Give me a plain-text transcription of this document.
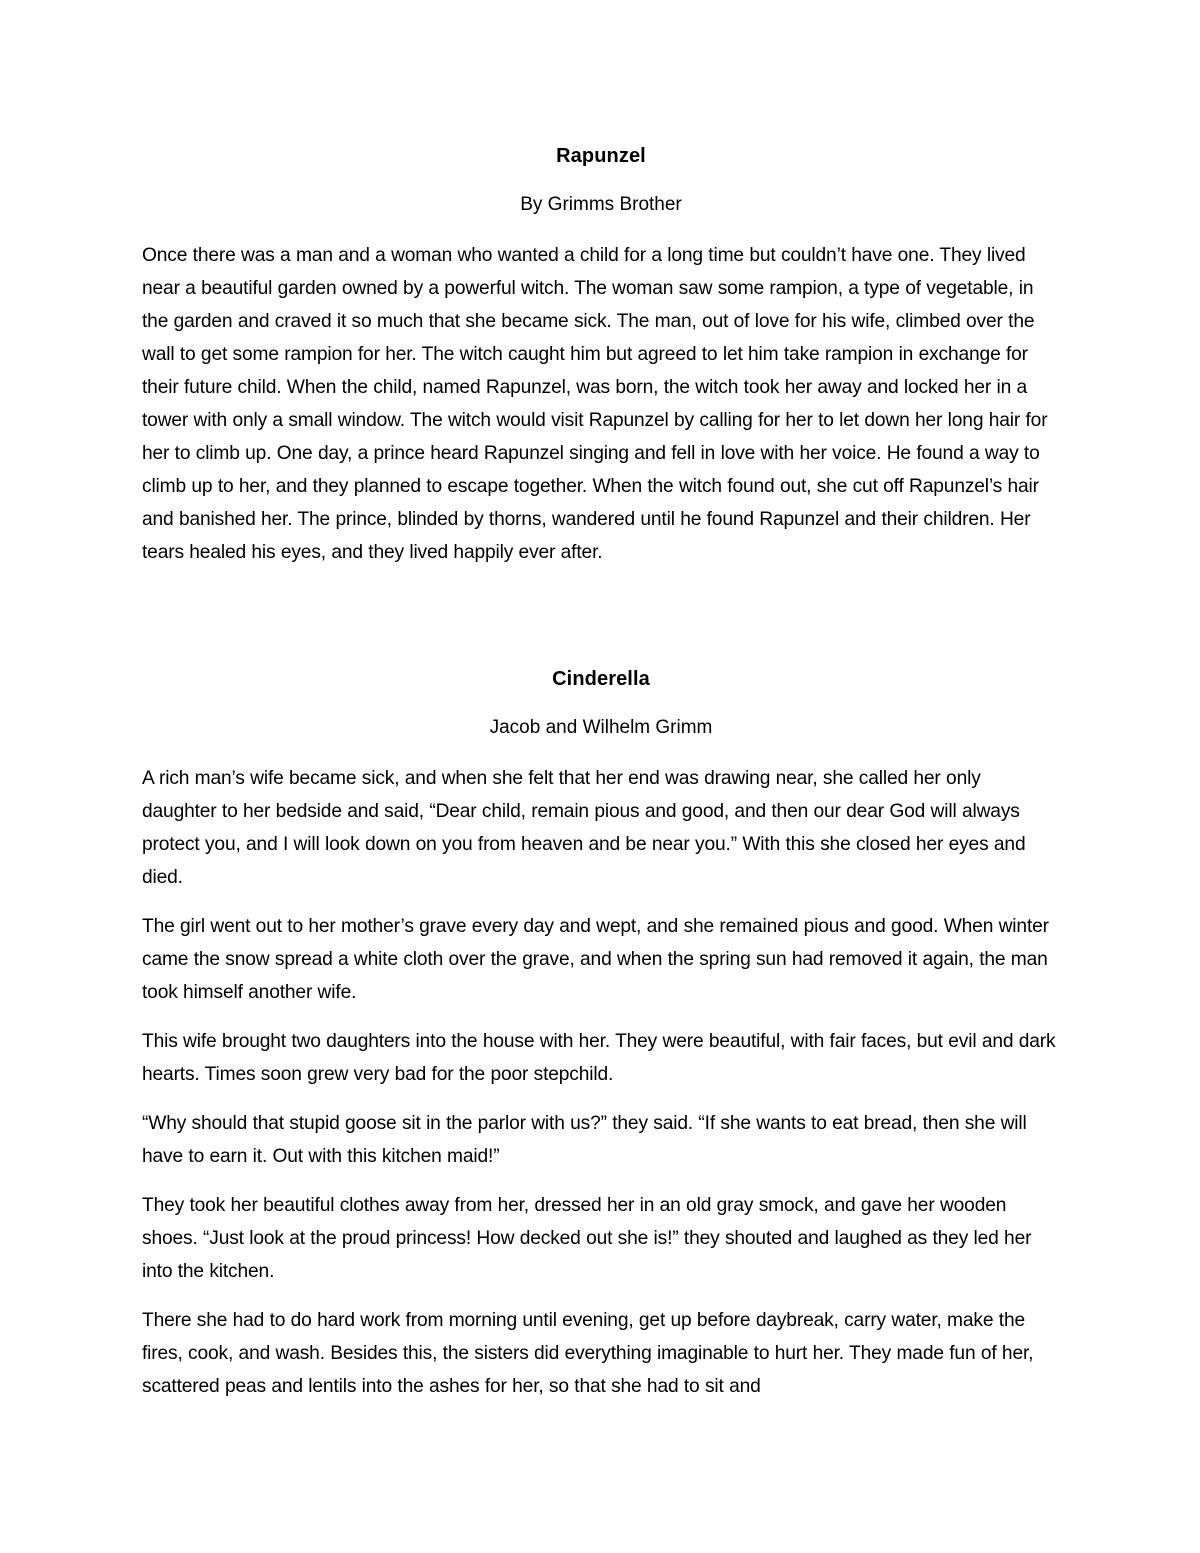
Rapunzel
By Grimms Brother

Once there was a man and a woman who wanted a child for a long time but couldn’t have one. They lived near a beautiful garden owned by a powerful witch. The woman saw some rampion, a type of vegetable, in the garden and craved it so much that she became sick. The man, out of love for his wife, climbed over the wall to get some rampion for her. The witch caught him but agreed to let him take rampion in exchange for their future child. When the child, named Rapunzel, was born, the witch took her away and locked her in a tower with only a small window. The witch would visit Rapunzel by calling for her to let down her long hair for her to climb up. One day, a prince heard Rapunzel singing and fell in love with her voice. He found a way to climb up to her, and they planned to escape together. When the witch found out, she cut off Rapunzel’s hair and banished her. The prince, blinded by thorns, wandered until he found Rapunzel and their children. Her tears healed his eyes, and they lived happily ever after.

Cinderella
Jacob and Wilhelm Grimm

A rich man’s wife became sick, and when she felt that her end was drawing near, she called her only daughter to her bedside and said, “Dear child, remain pious and good, and then our dear God will always protect you, and I will look down on you from heaven and be near you.” With this she closed her eyes and died.

The girl went out to her mother’s grave every day and wept, and she remained pious and good. When winter came the snow spread a white cloth over the grave, and when the spring sun had removed it again, the man took himself another wife.

This wife brought two daughters into the house with her. They were beautiful, with fair faces, but evil and dark hearts. Times soon grew very bad for the poor stepchild.

“Why should that stupid goose sit in the parlor with us?” they said. “If she wants to eat bread, then she will have to earn it. Out with this kitchen maid!”

They took her beautiful clothes away from her, dressed her in an old gray smock, and gave her wooden shoes. “Just look at the proud princess! How decked out she is!” they shouted and laughed as they led her into the kitchen.

There she had to do hard work from morning until evening, get up before daybreak, carry water, make the fires, cook, and wash. Besides this, the sisters did everything imaginable to hurt her. They made fun of her, scattered peas and lentils into the ashes for her, so that she had to sit and
